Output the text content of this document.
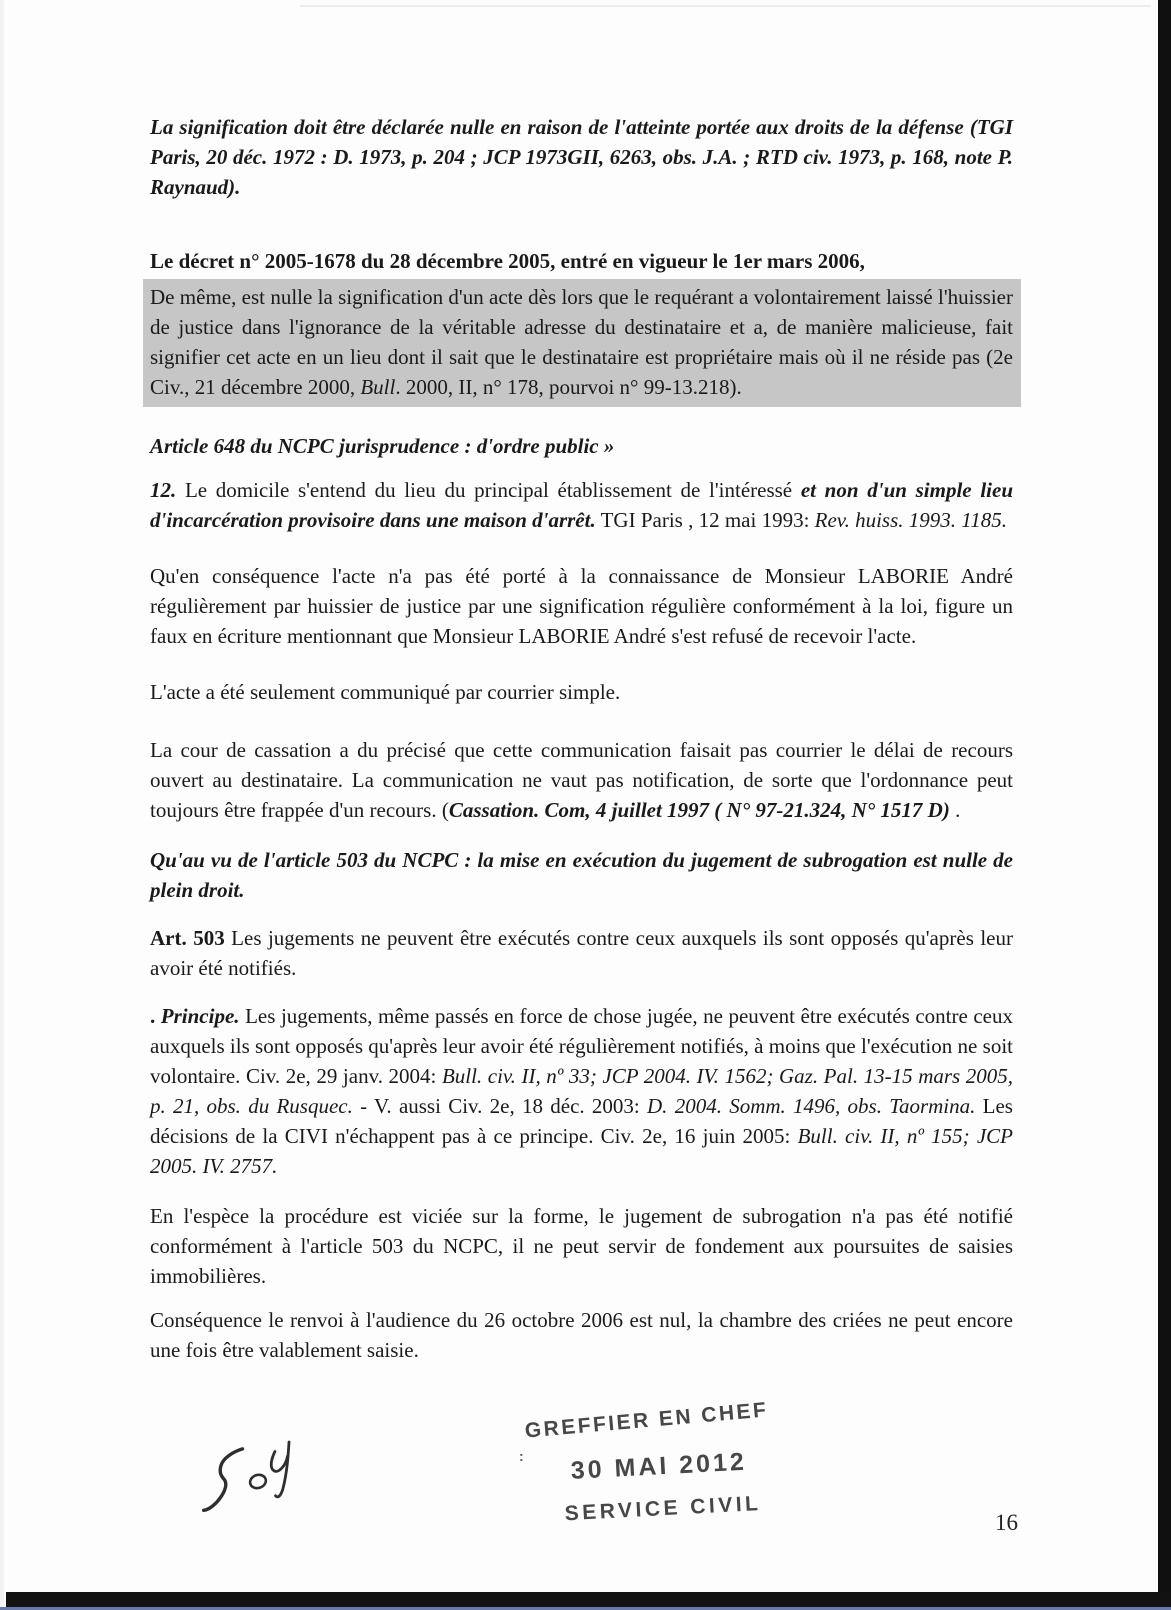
La signification doit être déclarée nulle en raison de l'atteinte portée aux droits de la défense (TGI Paris, 20 déc. 1972 : D. 1973, p. 204 ; JCP 1973GII, 6263, obs. J.A. ; RTD civ. 1973, p. 168, note P. Raynaud).

Le décret n° 2005-1678 du 28 décembre 2005, entré en vigueur le 1er mars 2006,

De même, est nulle la signification d'un acte dès lors que le requérant a volontairement laissé l'huissier de justice dans l'ignorance de la véritable adresse du destinataire et a, de manière malicieuse, fait signifier cet acte en un lieu dont il sait que le destinataire est propriétaire mais où il ne réside pas (2e Civ., 21 décembre 2000, Bull. 2000, II, n° 178, pourvoi n° 99-13.218).

Article 648 du NCPC jurisprudence : d'ordre public »

12. Le domicile s'entend du lieu du principal établissement de l'intéressé et non d'un simple lieu d'incarcération provisoire dans une maison d'arrêt. TGI Paris , 12 mai 1993: Rev. huiss. 1993. 1185.

Qu'en conséquence l'acte n'a pas été porté à la connaissance de Monsieur LABORIE André régulièrement par huissier de justice par une signification régulière conformément à la loi, figure un faux en écriture mentionnant que Monsieur LABORIE André s'est refusé de recevoir l'acte.

L'acte a été seulement communiqué par courrier simple.

La cour de cassation a du précisé que cette communication faisait pas courrier le délai de recours ouvert au destinataire. La communication ne vaut pas notification, de sorte que l'ordonnance peut toujours être frappée d'un recours. (Cassation. Com, 4 juillet 1997 ( N° 97-21.324, N° 1517 D) .

Qu'au vu de l'article 503 du NCPC : la mise en exécution du jugement de subrogation est nulle de plein droit.

Art. 503 Les jugements ne peuvent être exécutés contre ceux auxquels ils sont opposés qu'après leur avoir été notifiés.

. Principe. Les jugements, même passés en force de chose jugée, ne peuvent être exécutés contre ceux auxquels ils sont opposés qu'après leur avoir été régulièrement notifiés, à moins que l'exécution ne soit volontaire. Civ. 2e, 29 janv. 2004: Bull. civ. II, nº 33; JCP 2004. IV. 1562; Gaz. Pal. 13-15 mars 2005, p. 21, obs. du Rusquec. - V. aussi Civ. 2e, 18 déc. 2003: D. 2004. Somm. 1496, obs. Taormina. Les décisions de la CIVI n'échappent pas à ce principe. Civ. 2e, 16 juin 2005: Bull. civ. II, nº 155; JCP 2005. IV. 2757.

En l'espèce la procédure est viciée sur la forme, le jugement de subrogation n'a pas été notifié conformément à l'article 503 du NCPC, il ne peut servir de fondement aux poursuites de saisies immobilières.

Conséquence le renvoi à l'audience du 26 octobre 2006 est nul, la chambre des criées ne peut encore une fois être valablement saisie.

GREFFIER EN CHEF
30 MAI 2012
SERVICE CIVIL
:
16
